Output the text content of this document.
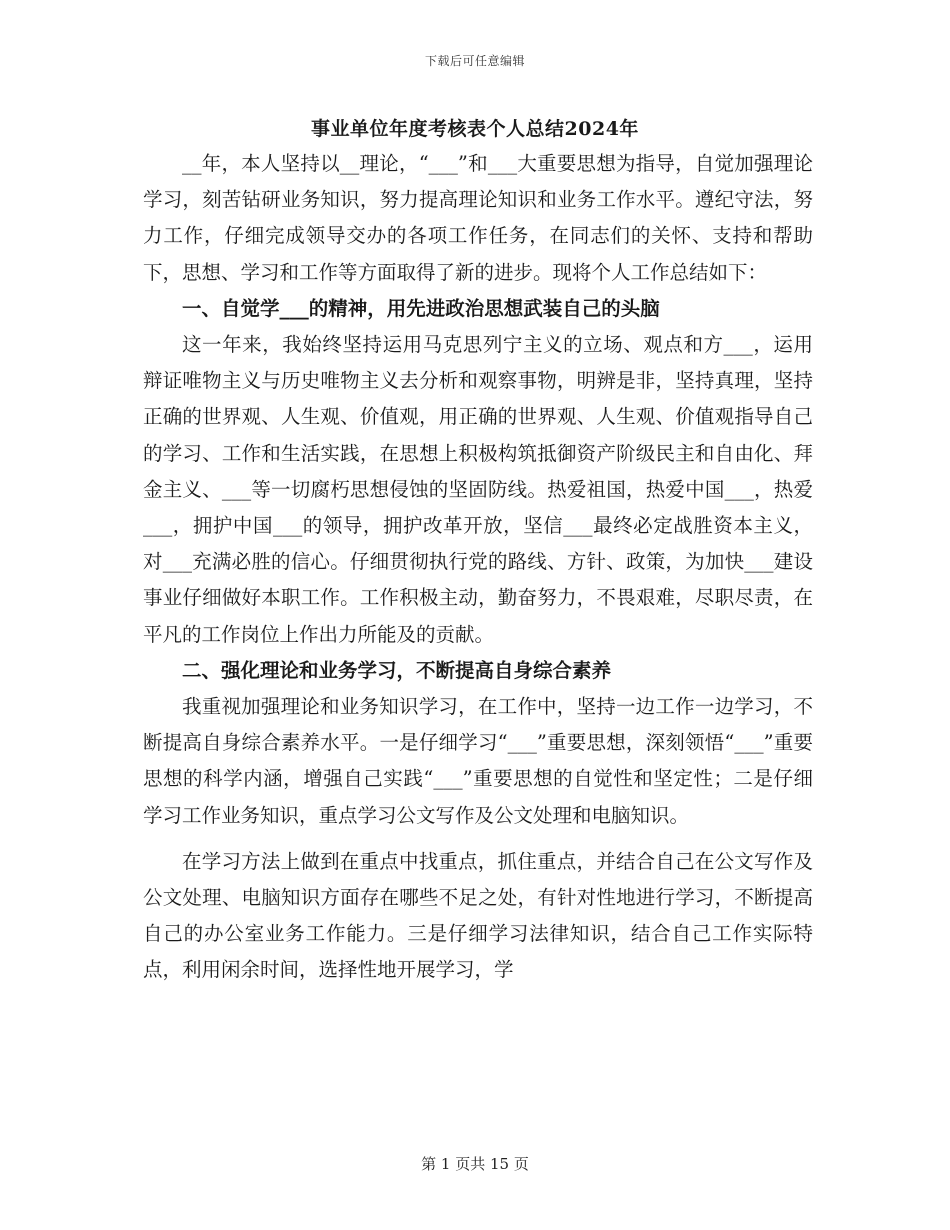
下载后可任意编辑
事业单位年度考核表个人总结2024年

__年，本人坚持以__理论，“___”和___大重要思想为指导，自觉加强理论学习，刻苦钻研业务知识，努力提高理论知识和业务工作水平。遵纪守法，努力工作，仔细完成领导交办的各项工作任务，在同志们的关怀、支持和帮助下，思想、学习和工作等方面取得了新的进步。现将个人工作总结如下：

一、自觉学___的精神，用先进政治思想武装自己的头脑

这一年来，我始终坚持运用马克思列宁主义的立场、观点和方___，运用辩证唯物主义与历史唯物主义去分析和观察事物，明辨是非，坚持真理，坚持正确的世界观、人生观、价值观，用正确的世界观、人生观、价值观指导自己的学习、工作和生活实践，在思想上积极构筑抵御资产阶级民主和自由化、拜金主义、___等一切腐朽思想侵蚀的坚固防线。热爱祖国，热爱中国___，热爱___，拥护中国___的领导，拥护改革开放，坚信___最终必定战胜资本主义，对___充满必胜的信心。仔细贯彻执行党的路线、方针、政策，为加快___建设事业仔细做好本职工作。工作积极主动，勤奋努力，不畏艰难，尽职尽责，在平凡的工作岗位上作出力所能及的贡献。

二、强化理论和业务学习，不断提高自身综合素养

我重视加强理论和业务知识学习，在工作中，坚持一边工作一边学习，不断提高自身综合素养水平。一是仔细学习“___”重要思想，深刻领悟“___”重要思想的科学内涵，增强自己实践“___”重要思想的自觉性和坚定性；二是仔细学习工作业务知识，重点学习公文写作及公文处理和电脑知识。

在学习方法上做到在重点中找重点，抓住重点，并结合自己在公文写作及公文处理、电脑知识方面存在哪些不足之处，有针对性地进行学习，不断提高自己的办公室业务工作能力。三是仔细学习法律知识，结合自己工作实际特点，利用闲余时间，选择性地开展学习，学

第 1 页共 15 页
